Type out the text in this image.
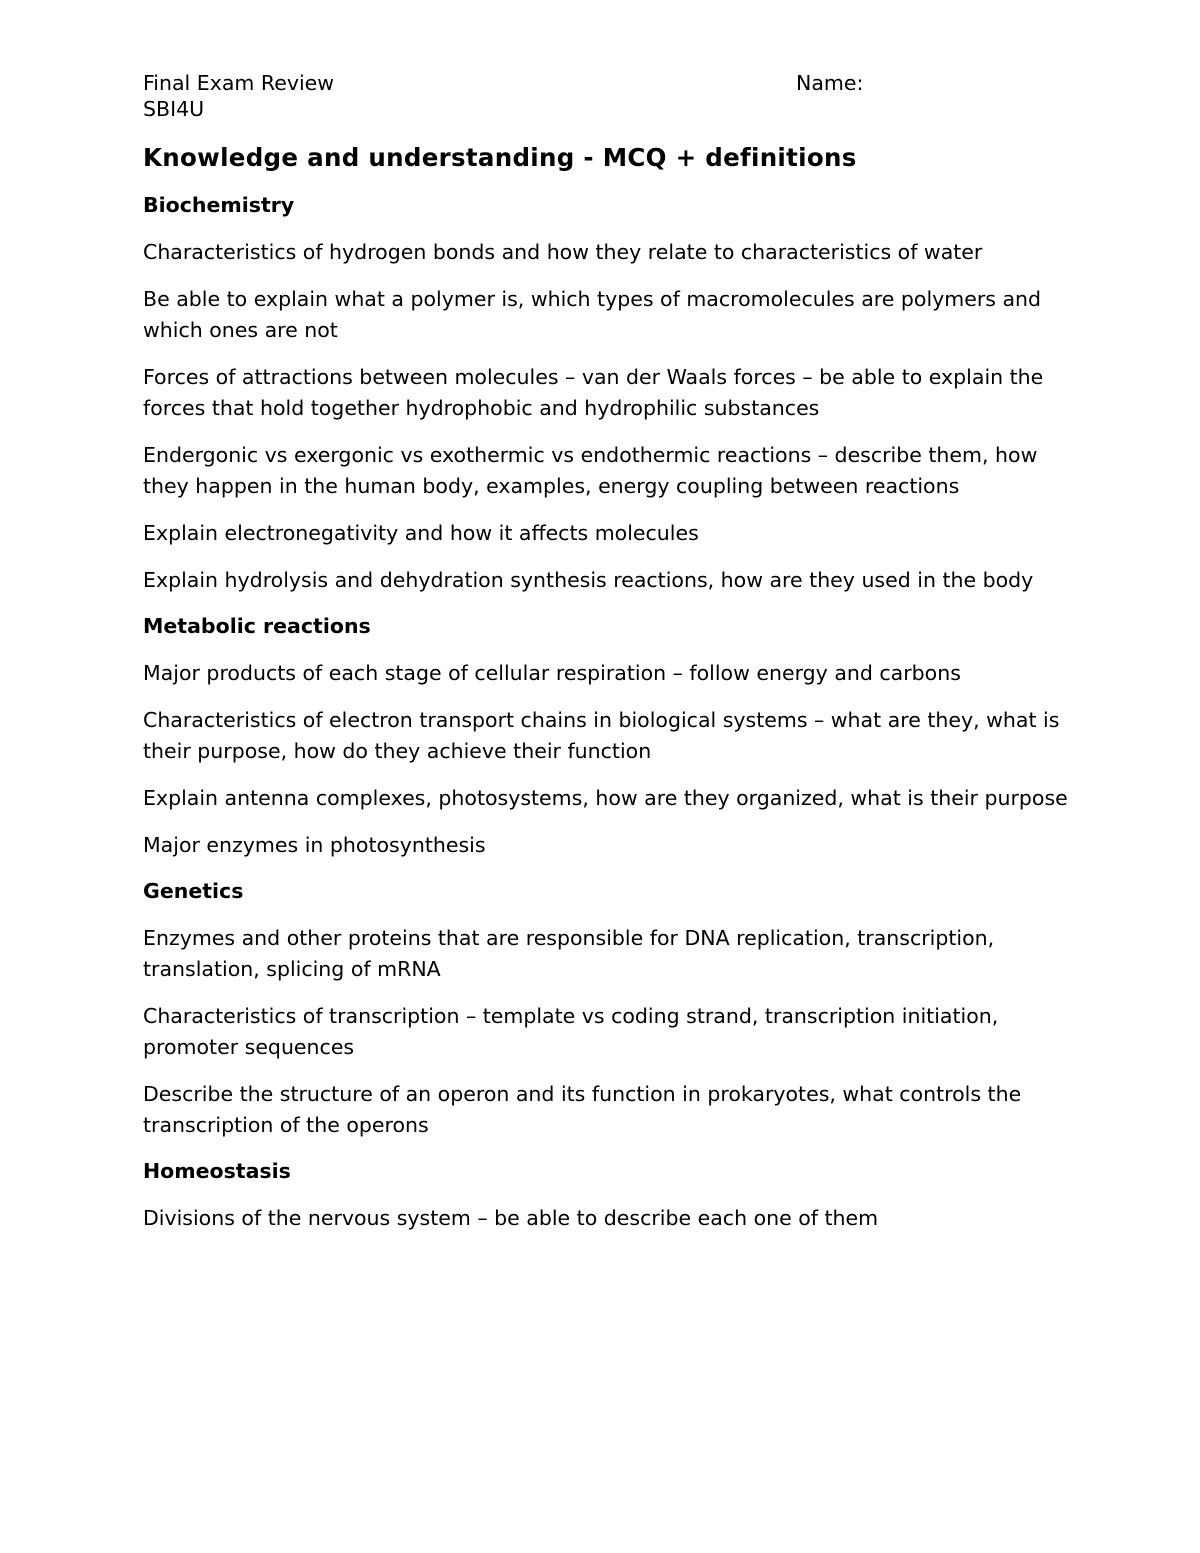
Final Exam Review
SBI4U
Name:
Knowledge and understanding - MCQ + definitions
Biochemistry

Characteristics of hydrogen bonds and how they relate to characteristics of water

Be able to explain what a polymer is, which types of macromolecules are polymers and which ones are not

Forces of attractions between molecules – van der Waals forces – be able to explain the forces that hold together hydrophobic and hydrophilic substances

Endergonic vs exergonic vs exothermic vs endothermic reactions – describe them, how they happen in the human body, examples, energy coupling between reactions

Explain electronegativity and how it affects molecules

Explain hydrolysis and dehydration synthesis reactions, how are they used in the body

Metabolic reactions

Major products of each stage of cellular respiration – follow energy and carbons

Characteristics of electron transport chains in biological systems – what are they, what is their purpose, how do they achieve their function

Explain antenna complexes, photosystems, how are they organized, what is their purpose

Major enzymes in photosynthesis

Genetics

Enzymes and other proteins that are responsible for DNA replication, transcription, translation, splicing of mRNA

Characteristics of transcription – template vs coding strand, transcription initiation, promoter sequences

Describe the structure of an operon and its function in prokaryotes, what controls the transcription of the operons

Homeostasis

Divisions of the nervous system – be able to describe each one of them
